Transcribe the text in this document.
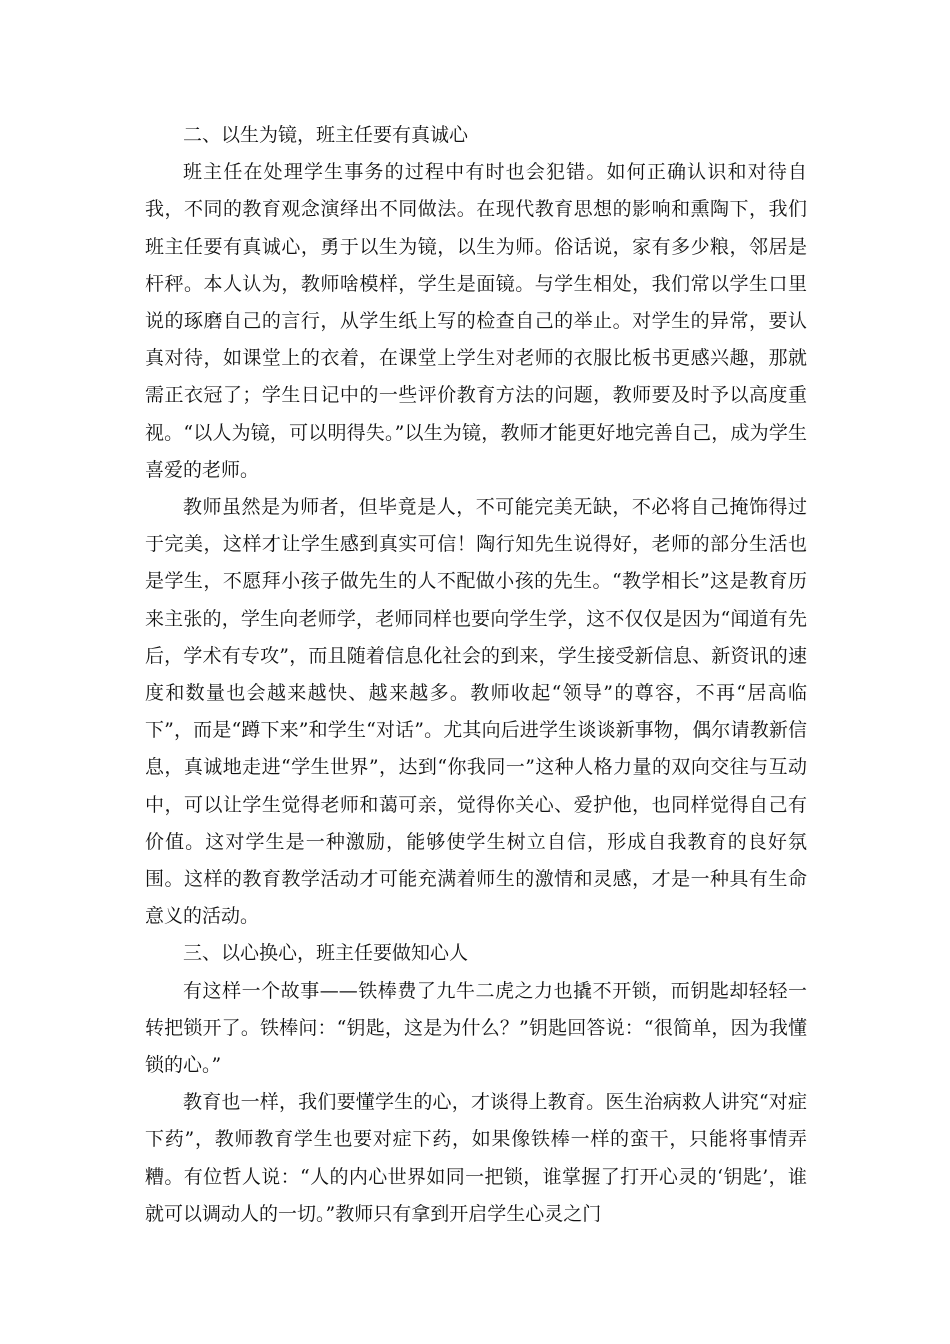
二、以生为镜，班主任要有真诚心

班主任在处理学生事务的过程中有时也会犯错。如何正确认识和对待自我，不同的教育观念演绎出不同做法。在现代教育思想的影响和熏陶下，我们班主任要有真诚心，勇于以生为镜，以生为师。俗话说，家有多少粮，邻居是杆秤。本人认为，教师啥模样，学生是面镜。与学生相处，我们常以学生口里说的琢磨自己的言行，从学生纸上写的检查自己的举止。对学生的异常，要认真对待，如课堂上的衣着，在课堂上学生对老师的衣服比板书更感兴趣，那就需正衣冠了；学生日记中的一些评价教育方法的问题，教师要及时予以高度重视。“以人为镜，可以明得失。”以生为镜，教师才能更好地完善自己，成为学生喜爱的老师。

教师虽然是为师者，但毕竟是人，不可能完美无缺，不必将自己掩饰得过于完美，这样才让学生感到真实可信！陶行知先生说得好，老师的部分生活也是学生，不愿拜小孩子做先生的人不配做小孩的先生。“教学相长”这是教育历来主张的，学生向老师学，老师同样也要向学生学，这不仅仅是因为“闻道有先后，学术有专攻”，而且随着信息化社会的到来，学生接受新信息、新资讯的速度和数量也会越来越快、越来越多。教师收起“领导”的尊容，不再“居高临下”，而是“蹲下来”和学生“对话”。尤其向后进学生谈谈新事物，偶尔请教新信息，真诚地走进“学生世界”，达到“你我同一”这种人格力量的双向交往与互动中，可以让学生觉得老师和蔼可亲，觉得你关心、爱护他，也同样觉得自己有价值。这对学生是一种激励，能够使学生树立自信，形成自我教育的良好氛围。这样的教育教学活动才可能充满着师生的激情和灵感，才是一种具有生命意义的活动。

三、以心换心，班主任要做知心人

有这样一个故事——铁棒费了九牛二虎之力也撬不开锁，而钥匙却轻轻一转把锁开了。铁棒问：“钥匙，这是为什么？”钥匙回答说：“很简单，因为我懂锁的心。”

教育也一样，我们要懂学生的心，才谈得上教育。医生治病救人讲究“对症下药”，教师教育学生也要对症下药，如果像铁棒一样的蛮干，只能将事情弄糟。有位哲人说：“人的内心世界如同一把锁，谁掌握了打开心灵的‘钥匙’，谁就可以调动人的一切。”教师只有拿到开启学生心灵之门
